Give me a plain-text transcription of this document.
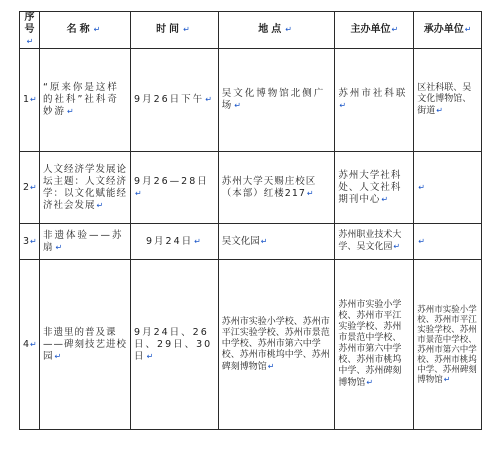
序号↵	名称↵	时间↵	地点↵	主办单位↵	承办单位↵
1↵	“原来你是这样的社科”社科奇妙游↵	9月26日下午↵	吴文化博物馆北侧广场↵	苏州市社科联↵	区社科联、吴文化博物馆、街道↵
2↵	人文经济学发展论坛主题：人文经济学：以文化赋能经济社会发展↵	9月26—28日↵	苏州大学天赐庄校区（本部）红楼217↵	苏州大学社科处、人文社科期刊中心↵	↵
3↵	非遗体验——苏扇↵	9月24日↵	吴文化园↵	苏州职业技术大学、吴文化园↵	↵
4↵	非遗里的普及课——碑刻技艺进校园↵	9月24日、26日、29日、30日↵	苏州市实验小学校、苏州市平江实验学校、苏州市景范中学校、苏州市第六中学校、苏州市桃坞中学、苏州碑刻博物馆↵	苏州市实验小学校、苏州市平江实验学校、苏州市景范中学校、苏州市第六中学校、苏州市桃坞中学、苏州碑刻博物馆↵	苏州市实验小学校、苏州市平江实验学校、苏州市景范中学校、苏州市第六中学校、苏州市桃坞中学、苏州碑刻博物馆↵
